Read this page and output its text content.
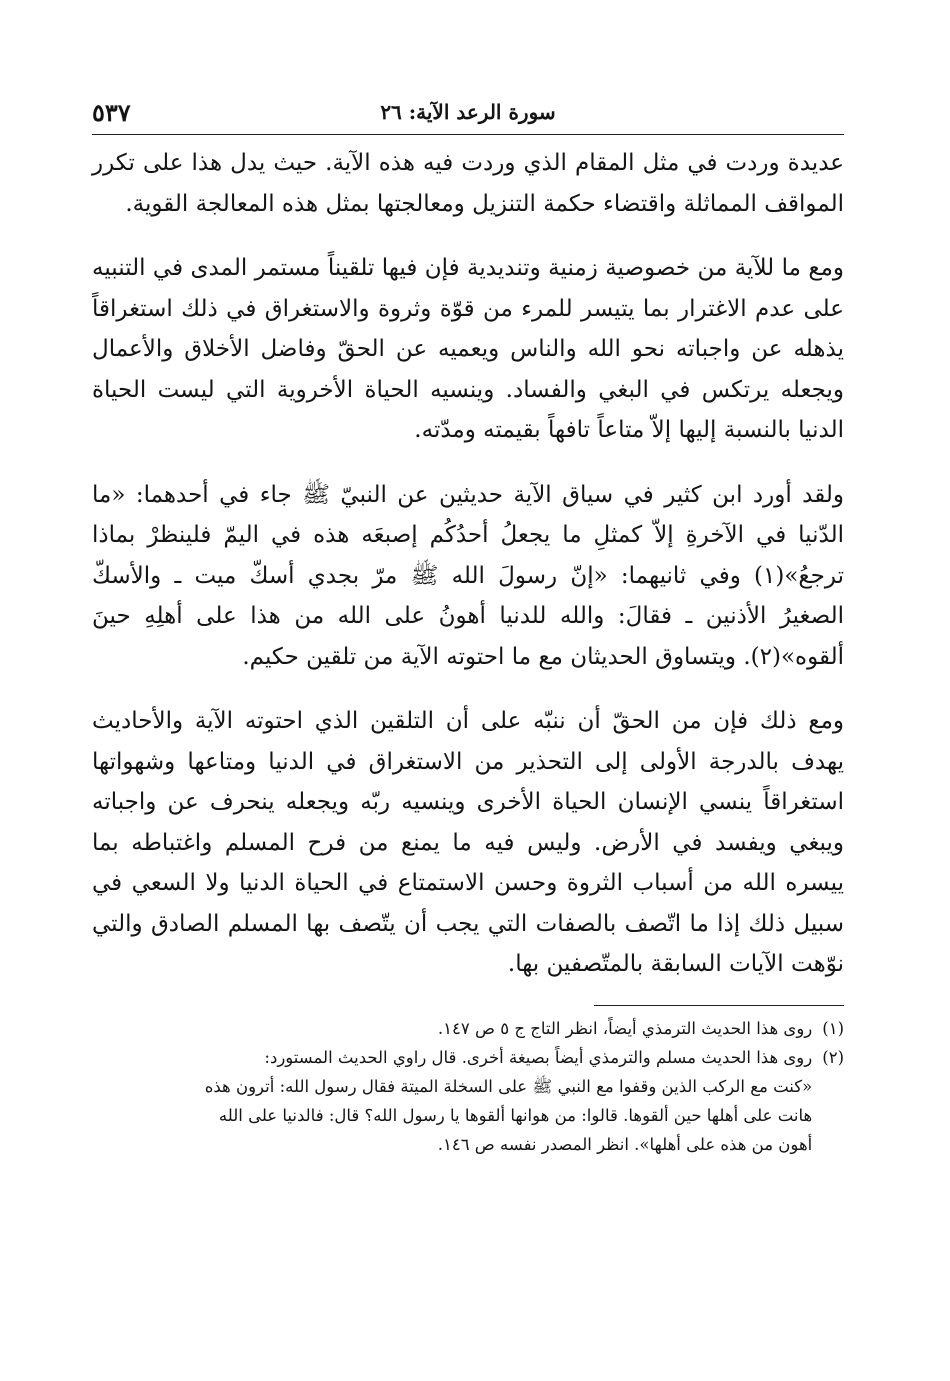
سورة الرعد الآية: ٢٦
٥٣٧

عديدة وردت في مثل المقام الذي وردت فيه هذه الآية. حيث يدل هذا على تكرر المواقف المماثلة واقتضاء حكمة التنزيل ومعالجتها بمثل هذه المعالجة القوية.

ومع ما للآية من خصوصية زمنية وتنديدية فإن فيها تلقيناً مستمر المدى في التنبيه على عدم الاغترار بما يتيسر للمرء من قوّة وثروة والاستغراق في ذلك استغراقاً يذهله عن واجباته نحو الله والناس ويعميه عن الحقّ وفاضل الأخلاق والأعمال ويجعله يرتكس في البغي والفساد. وينسيه الحياة الأخروية التي ليست الحياة الدنيا بالنسبة إليها إلاّ متاعاً تافهاً بقيمته ومدّته.

ولقد أورد ابن كثير في سياق الآية حديثين عن النبيّ ﷺ جاء في أحدهما: «ما الدّنيا في الآخرةِ إلاّ كمثلِ ما يجعلُ أحدُكُم إصبعَه هذه في اليمّ فلينظرْ بماذا ترجعُ»(١) وفي ثانيهما: «إنّ رسولَ الله ﷺ مرّ بجدي أسكّ ميت ـ والأسكّ الصغيرُ الأذنين ـ فقالَ: والله للدنيا أهونُ على الله من هذا على أهلِهِ حينَ ألقوه»(٢). ويتساوق الحديثان مع ما احتوته الآية من تلقين حكيم.

ومع ذلك فإن من الحقّ أن ننبّه على أن التلقين الذي احتوته الآية والأحاديث يهدف بالدرجة الأولى إلى التحذير من الاستغراق في الدنيا ومتاعها وشهواتها استغراقاً ينسي الإنسان الحياة الأخرى وينسيه ربّه ويجعله ينحرف عن واجباته ويبغي ويفسد في الأرض. وليس فيه ما يمنع من فرح المسلم واغتباطه بما ييسره الله من أسباب الثروة وحسن الاستمتاع في الحياة الدنيا ولا السعي في سبيل ذلك إذا ما اتّصف بالصفات التي يجب أن يتّصف بها المسلم الصادق والتي نوّهت الآيات السابقة بالمتّصفين بها.

(١)
روى هذا الحديث الترمذي أيضاً، انظر التاج ج ٥ ص ١٤٧.
(٢)
روى هذا الحديث مسلم والترمذي أيضاً بصيغة أخرى. قال راوي الحديث المستورد:
«كنت مع الركب الذين وقفوا مع النبي ﷺ على السخلة الميتة فقال رسول الله: أترون هذه
هانت على أهلها حين ألقوها. قالوا: من هوانها ألقوها يا رسول الله؟ قال: فالدنيا على الله
أهون من هذه على أهلها». انظر المصدر نفسه ص ١٤٦.
